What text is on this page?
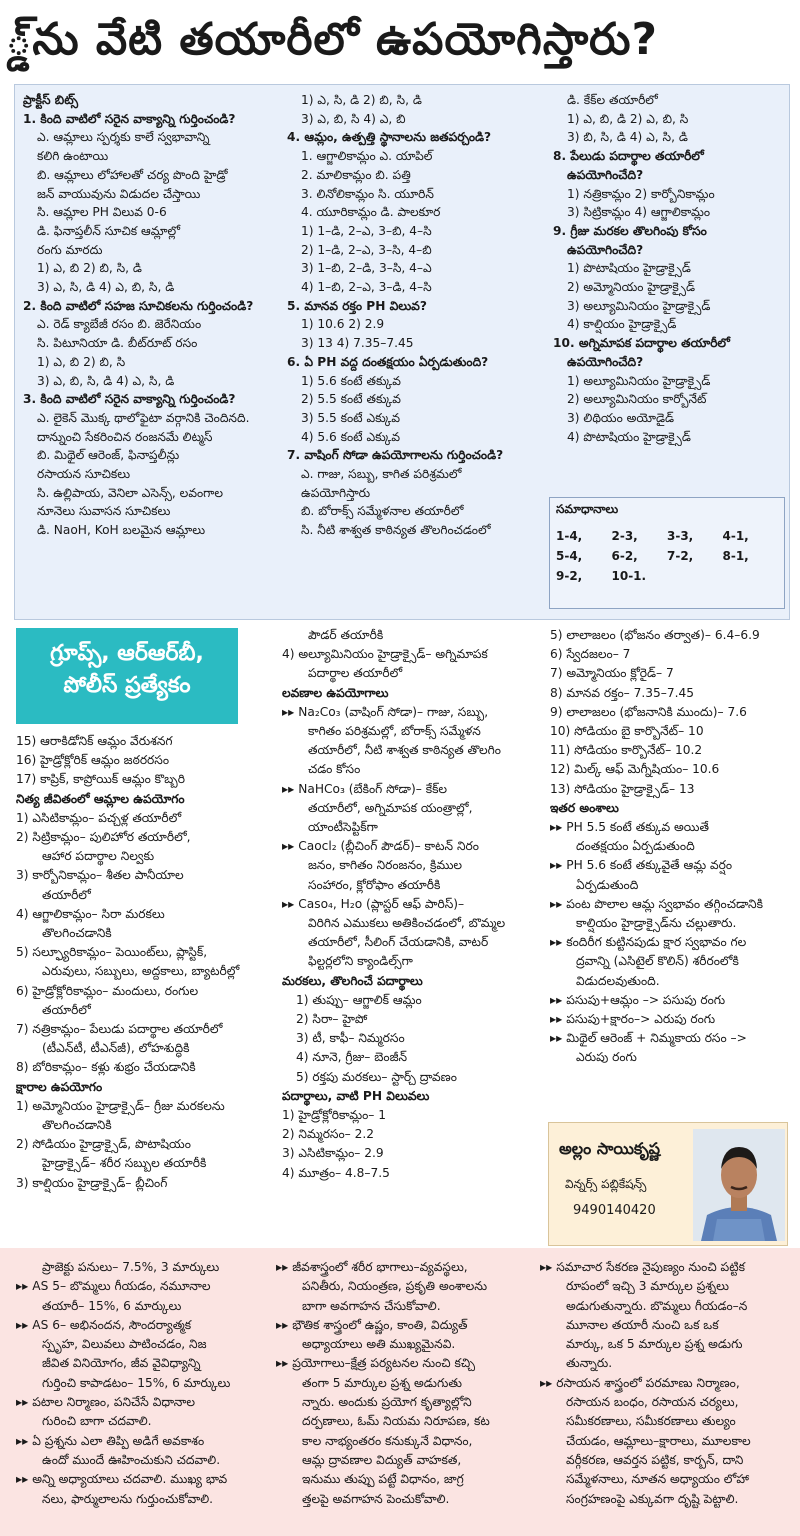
్డ్‌ను వేటి తయారీలో ఉపయోగిస్తారు?

ప్రాక్టీస్ బిట్స్

1. కింది వాటిలో సరైన వాక్యాన్ని గుర్తించండి?

ఎ. ఆమ్లాలు స్పర్శకు కాలే స్వభావాన్ని

కలిగి ఉంటాయి

బి. ఆమ్లాలు లోహాలతో చర్య పొంది హైడ్రో

జన్ వాయువును విడుదల చేస్తాయి

సి. ఆమ్లాల PH విలువ 0-6

డి. ఫినాప్తలీన్ సూచిక ఆమ్లాల్లో

రంగు మారదు

1) ఎ, బి 2) బి, సి, డి

3) ఎ, సి, డి 4) ఎ, బి, సి, డి

2. కింది వాటిలో సహజ సూచికలను గుర్తించండి?

ఎ. రెడ్ క్యాబేజీ రసం బి. జెరేనియం

సి. పిటూనియా డి. బీట్‌రూట్ రసం

1) ఎ, బి 2) బి, సి

3) ఎ, బి, సి, డి 4) ఎ, సి, డి

3. కింది వాటిలో సరైన వాక్యాన్ని గుర్తించండి?

ఎ. లైకెన్ మొక్క థాలోఫైటా వర్గానికి చెందినది.

దాన్నుంచి సేకరించిన రంజనమే లిట్మస్

బి. మిథైల్ ఆరెంజ్, ఫినాప్తలీన్లు

రసాయన సూచికలు

సి. ఉల్లిపాయ, వెనిలా ఎసెన్స్, లవంగాల

నూనెలు సువాసన సూచికలు

డి. NaoH, KoH బలమైన ఆమ్లాలు

1) ఎ, సి, డి 2) బి, సి, డి

3) ఎ, బి, సి 4) ఎ, బి

4. ఆమ్లం, ఉత్పత్తి స్థానాలను జతపర్చండి?

1. ఆగ్జాలికామ్లం ఎ. యాపిల్

2. మాలికామ్లం బి. పత్తి

3. లినోలికామ్లం సి. యూరిన్

4. యూరికామ్లం డి. పాలకూర

1) 1–డి, 2–ఎ, 3–బి, 4–సి

2) 1–డి, 2–ఎ, 3–సి, 4–బి

3) 1–బి, 2–డి, 3–సి, 4–ఎ

4) 1–బి, 2–ఎ, 3–డి, 4–సి

5. మానవ రక్తం PH విలువ?

1) 10.6 2) 2.9

3) 13 4) 7.35–7.45

6. ఏ PH వద్ద దంతక్షయం ఏర్పడుతుంది?

1) 5.6 కంటే తక్కువ

2) 5.5 కంటే తక్కువ

3) 5.5 కంటే ఎక్కువ

4) 5.6 కంటే ఎక్కువ

7. వాషింగ్ సోడా ఉపయోగాలను గుర్తించండి?

ఎ. గాజు, సబ్బు, కాగిత పరిశ్రమలో

ఉపయోగిస్తారు

బి. బోరాక్స్ సమ్మేళనాల తయారీలో

సి. నీటి శాశ్వత కాఠిన్యత తొలగించడంలో

డి. కేక్‌ల తయారీలో

1) ఎ, బి, డి 2) ఎ, బి, సి

3) బి, సి, డి 4) ఎ, సి, డి

8. పేలుడు పదార్థాల తయారీలో

ఉపయోగించేది?

1) నత్రికామ్లం 2) కార్బోనికామ్లం

3) సిట్రికామ్లం 4) ఆగ్జాలికామ్లం

9. గ్రీజు మరకల తొలగింపు కోసం

ఉపయోగించేది?

1) పొటాషియం హైడ్రాక్సైడ్

2) అమ్మోనియం హైడ్రాక్సైడ్

3) అల్యూమినియం హైడ్రాక్సైడ్

4) కాల్షియం హైడ్రాక్సైడ్

10. అగ్నిమాపక పదార్థాల తయారీలో

ఉపయోగించేది?

1) అల్యూమినియం హైడ్రాక్సైడ్

2) అల్యూమినియం కార్బోనేట్

3) లిథియం అయోడైడ్

4) పొటాషియం హైడ్రాక్సైడ్

సమాధానాలు
1-4,	2-3,	3-3,	4-1,
5-4,	6-2,	7-2,	8-1,
9-2,	10-1.

గ్రూప్స్, ఆర్ఆర్‌బీ,

పోలీస్ ప్రత్యేకం

15) ఆరాకిడోనిక్ ఆమ్లం వేరుశనగ

16) హైడ్రోక్లోరిక్ ఆమ్లం జఠరరసం

17) కాప్రిక్, కాప్రోయిక్ ఆమ్లం కొబ్బరి

నిత్య జీవితంలో ఆమ్లాల ఉపయోగం

1) ఎసిటికామ్లం– పచ్చళ్ల తయారీలో

2) సిట్రికామ్లం– పులిహోర తయారీలో,

ఆహార పదార్థాల నిల్వకు

3) కార్బోనికామ్లం– శీతల పానీయాల

తయారీలో

4) ఆగ్జాలికామ్లం– సిరా మరకలు

తొలగించడానికి

5) సల్ఫ్యూరికామ్లం– పెయింట్‌లు, ప్లాస్టిక్,

ఎరువులు, సబ్బులు, అద్దకాలు, బ్యాటరీల్లో

6) హైడ్రోక్లోరికామ్లం– మందులు, రంగుల

తయారీలో

7) నత్రికామ్లం– పేలుడు పదార్థాల తయారీలో

(టీఎన్‌టీ, టీఎన్‌జీ), లోహశుద్ధికి

8) బోరికామ్లం– కళ్లు శుభ్రం చేయడానికి

క్షారాల ఉపయోగం

1) అమ్మోనియం హైడ్రాక్సైడ్– గ్రీజు మరకలను

తొలగించడానికి

2) సోడియం హైడ్రాక్సైడ్, పొటాషియం

హైడ్రాక్సైడ్– శరీర సబ్బుల తయారీకి

3) కాల్షియం హైడ్రాక్సైడ్– బ్లీచింగ్

పౌడర్ తయారీకి

4) అల్యూమినియం హైడ్రాక్సైడ్– అగ్నిమాపక

పదార్థాల తయారీలో

లవణాల ఉపయోగాలు

▸▸ Na₂Co₃ (వాషింగ్ సోడా)– గాజు, సబ్బు,

కాగితం పరిశ్రమల్లో, బోరాక్స్ సమ్మేళన

తయారీలో, నీటి శాశ్వత కాఠిన్యత తొలగిం

చడం కోసం

▸▸ NaHCo₃ (బేకింగ్ సోడా)– కేక్‌ల

తయారీలో, అగ్నిమాపక యంత్రాల్లో,

యాంటీసెప్టిక్‌గా

▸▸ Caocl₂ (బ్లీచింగ్ పౌడర్)– కాటన్ నిరం

జనం, కాగితం నిరంజనం, క్రిముల

సంహారం, క్లోరోఫాం తయారీకి

▸▸ Caso₄, H₂o (ప్లాస్టర్ ఆఫ్ పారిస్)–

విరిగిన ఎముకలు అతికించడంలో, బొమ్మల

తయారీలో, సీలింగ్ చేయడానికి, వాటర్

ఫిల్టర్లలోని క్యాండిల్స్‌గా

మరకలు, తొలగించే పదార్థాలు

1) తుప్పు– ఆగ్జాలిక్ ఆమ్లం

2) సిరా– హైపో

3) టీ, కాఫీ– నిమ్మరసం

4) నూనె, గ్రీజు– బెంజీన్

5) రక్తపు మరకలు– స్టార్చ్ ద్రావణం

పదార్థాలు, వాటి PH విలువలు

1) హైడ్రోక్లోరికామ్లం– 1

2) నిమ్మరసం– 2.2

3) ఎసిటికామ్లం– 2.9

4) మూత్రం– 4.8–7.5

5) లాలాజలం (భోజనం తర్వాత)– 6.4–6.9

6) స్వేదజలం– 7

7) అమ్మోనియం క్లోరైడ్– 7

8) మానవ రక్తం– 7.35–7.45

9) లాలాజలం (భోజనానికి ముందు)– 7.6

10) సోడియం బై కార్బొనేట్– 10

11) సోడియం కార్బొనేట్– 10.2

12) మిల్క్ ఆఫ్ మెగ్నీషియం– 10.6

13) సోడియం హైడ్రాక్సైడ్– 13

ఇతర అంశాలు

▸▸ PH 5.5 కంటే తక్కువ అయితే

దంతక్షయం ఏర్పడుతుంది

▸▸ PH 5.6 కంటే తక్కువైతే ఆమ్ల వర్షం

ఏర్పడుతుంది

▸▸ పంట పొలాల ఆమ్ల స్వభావం తగ్గించడానికి

కాల్షియం హైడ్రాక్సైడ్‌ను చల్లుతారు.

▸▸ కందిరీగ కుట్టినపుడు క్షార స్వభావం గల

ద్రవాన్ని (ఎసిటైల్ కొలిన్) శరీరంలోకి

విడుదలవుతుంది.

▸▸ పసుపు+ఆమ్లం –> పసుపు రంగు

▸▸ పసుపు+క్షారం–> ఎరుపు రంగు

▸▸ మిథైల్ ఆరెంజ్ + నిమ్మకాయ రసం –>

ఎరుపు రంగు

అల్లం సాయికృష్ణ
విన్నర్స్ పబ్లికేషన్స్
9490140420

ప్రాజెక్టు పనులు– 7.5%, 3 మార్కులు

▸▸ AS 5– బొమ్మలు గీయడం, నమూనాల

తయారీ– 15%, 6 మార్కులు

▸▸ AS 6– అభినందన, సౌందర్యాత్మక

స్పృహ, విలువలు పాటించడం, నిజ

జీవిత వినియోగం, జీవ వైవిధ్యాన్ని

గుర్తించి కాపాడటం– 15%, 6 మార్కులు

▸▸ పటాల నిర్మాణం, పనిచేసే విధానాల

గురించి బాగా చదవాలి.

▸▸ ఏ ప్రశ్నను ఎలా తిప్పి అడిగే అవకాశం

ఉందో ముందే ఊహించుకుని చదవాలి.

▸▸ అన్ని అధ్యాయాలు చదవాలి. ముఖ్య భావ

నలు, ఫార్ములాలను గుర్తుంచుకోవాలి.

▸▸ జీవశాస్త్రంలో శరీర భాగాలు–వ్యవస్థలు,

పనితీరు, నియంత్రణ, ప్రకృతి అంశాలను

బాగా అవగాహన చేసుకోవాలి.

▸▸ భౌతిక శాస్త్రంలో ఉష్ణం, కాంతి, విద్యుత్

అధ్యాయాలు అతి ముఖ్యమైనవి.

▸▸ ప్రయోగాలు–క్షేత్ర పర్యటనల నుంచి కచ్చి

తంగా 5 మార్కుల ప్రశ్న అడుగుతు

న్నారు. అందుకు ప్రయోగ కృత్యాల్లోని

దర్పణాలు, ఓమ్ నియమ నిరూపణ, కట

కాల నాభ్యంతరం కనుక్కునే విధానం,

ఆమ్ల ద్రావణాల విద్యుత్ వాహకత,

ఇనుము తుప్పు పట్టే విధానం, జాగ్ర

త్తలపై అవగాహన పెంచుకోవాలి.

▸▸ సమాచార సేకరణ నైపుణ్యం నుంచి పట్టిక

రూపంలో ఇచ్చి 3 మార్కుల ప్రశ్నలు

అడుగుతున్నారు. బొమ్మలు గీయడం–న

మూనాల తయారీ నుంచి ఒక ఒక

మార్కు, ఒక 5 మార్కుల ప్రశ్న అడుగు

తున్నారు.

▸▸ రసాయన శాస్త్రంలో పరమాణు నిర్మాణం,

రసాయన బంధం, రసాయన చర్యలు,

సమీకరణాలు, సమీకరణాలు తుల్యం

చేయడం, ఆమ్లాలు–క్షారాలు, మూలకాల

వర్గీకరణ, ఆవర్తన పట్టిక, కార్బన్, దాని

సమ్మేళనాలు, నూతన అధ్యాయం లోహా

సంగ్రహణంపై ఎక్కువగా దృష్టి పెట్టాలి.
